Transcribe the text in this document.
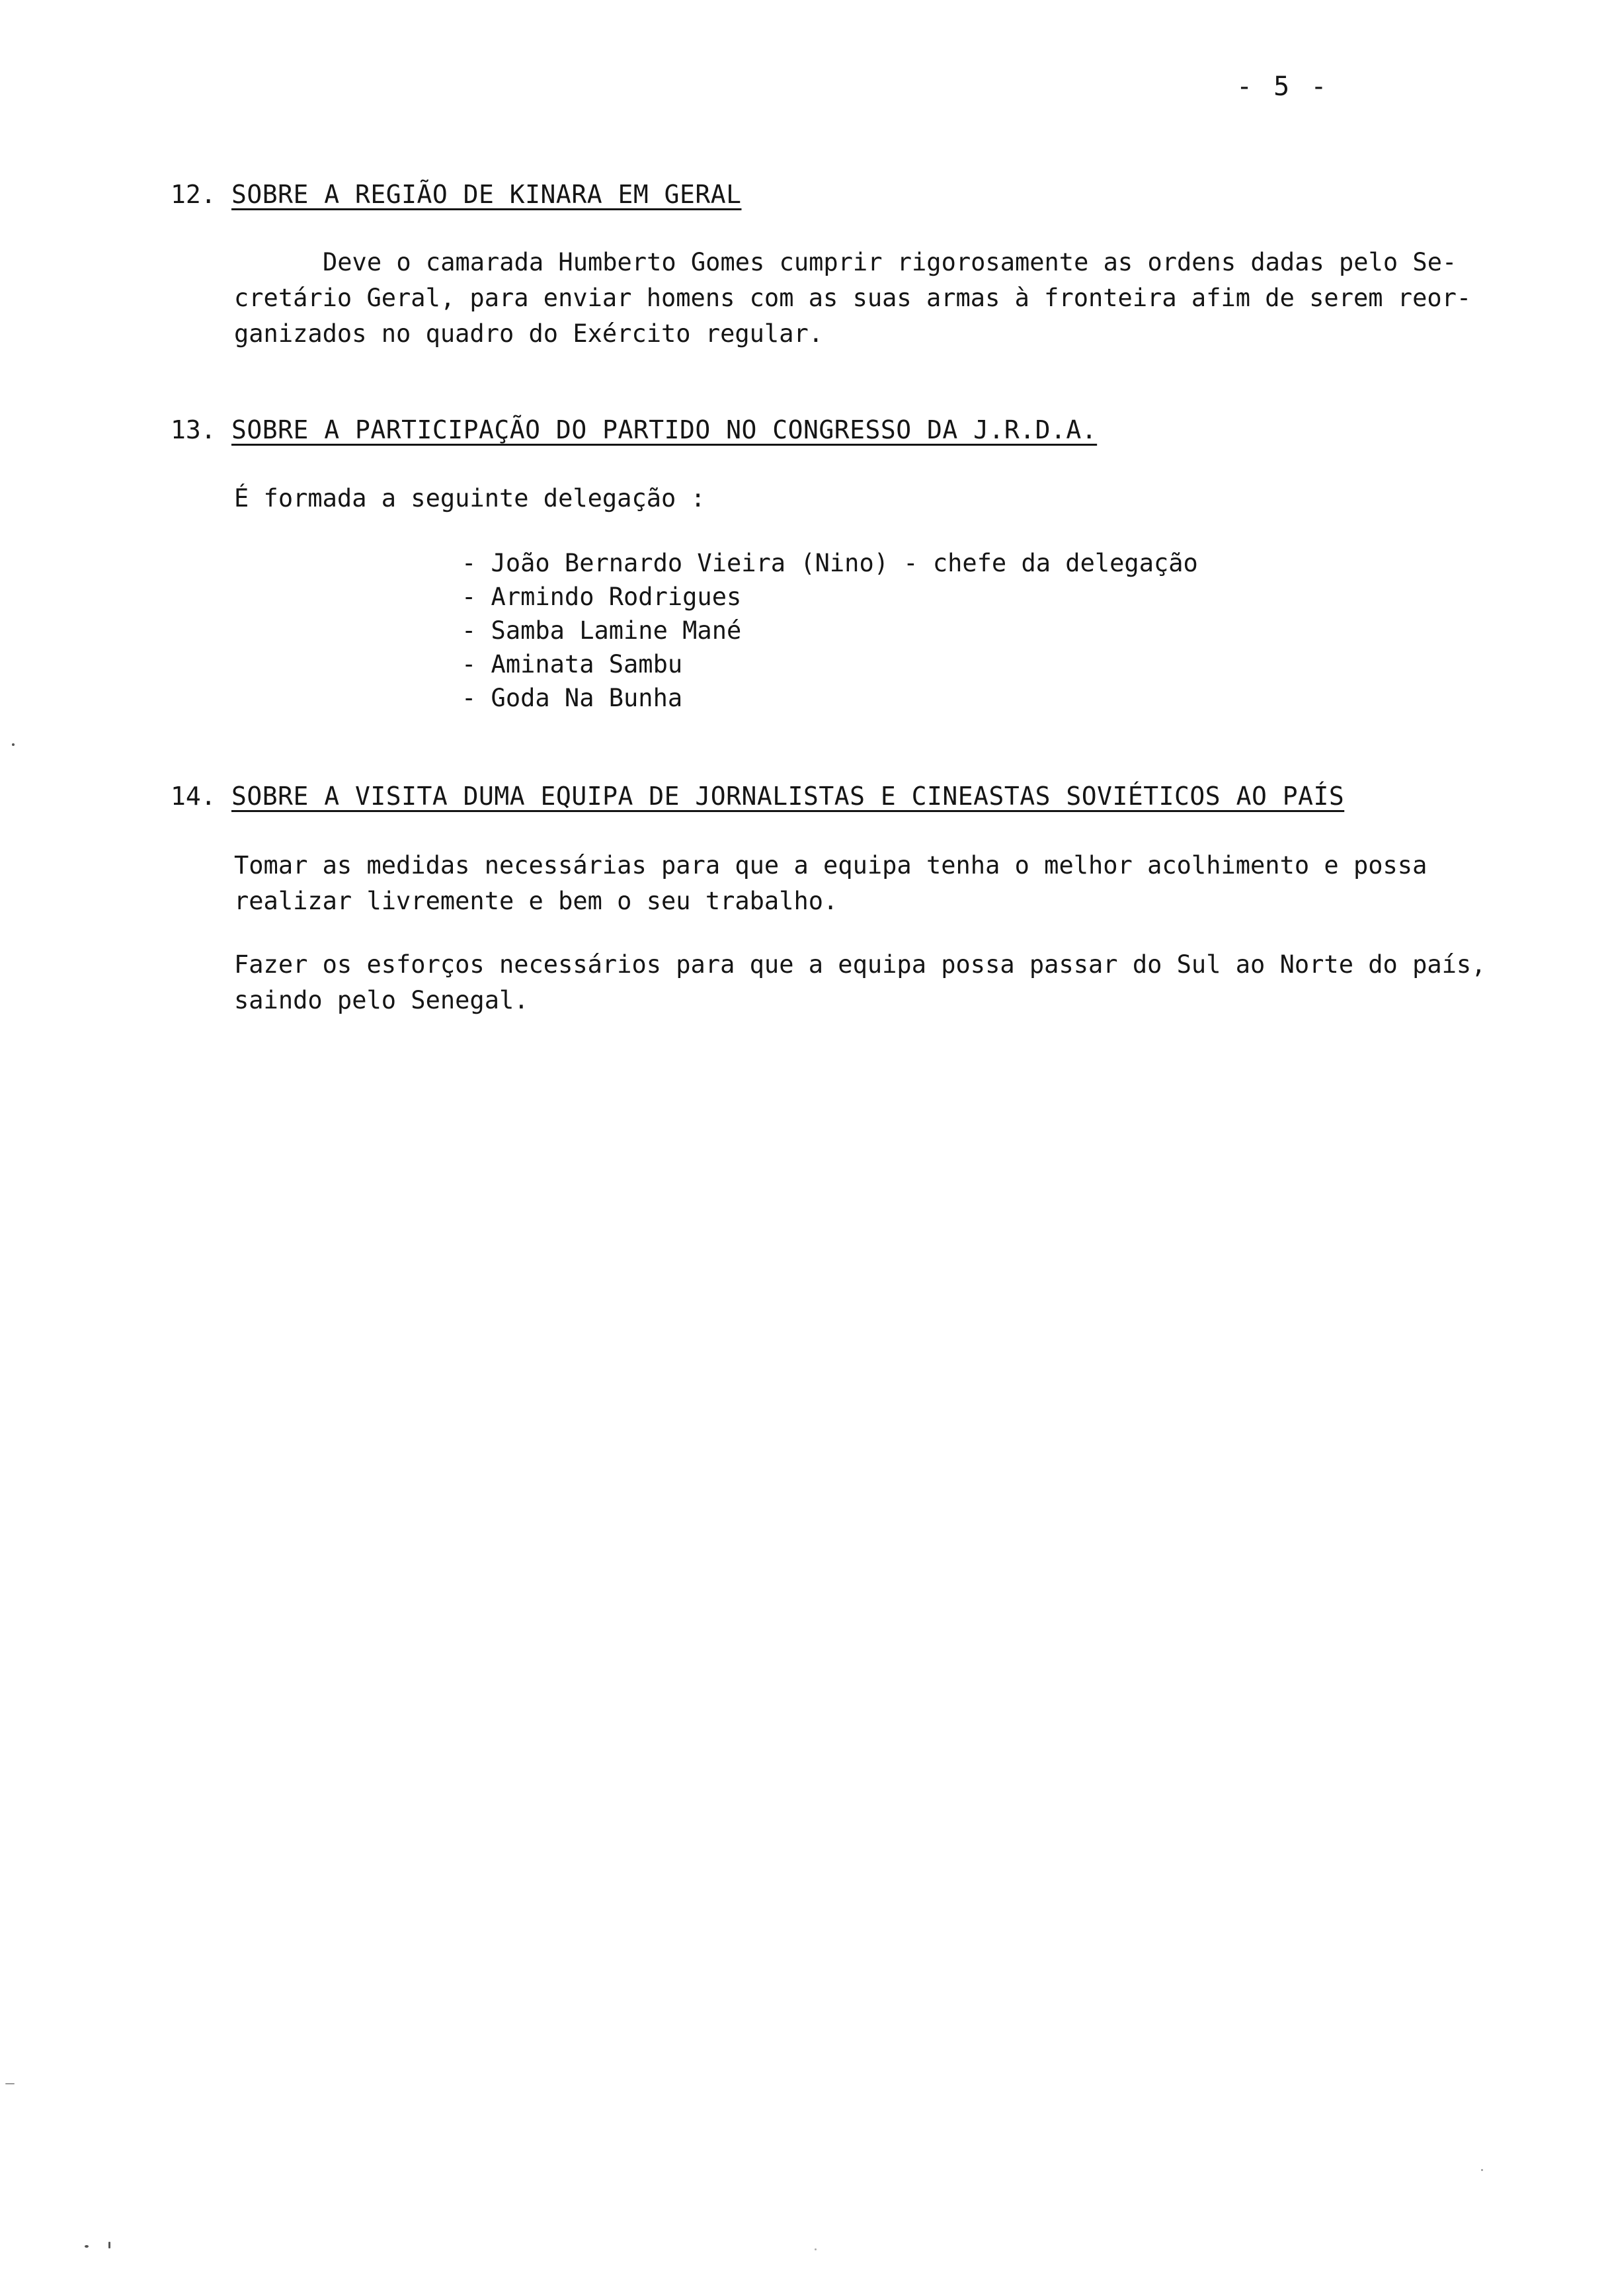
- 5 -
12. SOBRE A REGIÃO DE KINARA EM GERAL

Deve o camarada Humberto Gomes cumprir rigorosamente as ordens dadas pelo Se-
cretário Geral, para enviar homens com as suas armas à fronteira afim de serem reor-
ganizados no quadro do Exército regular.

13. SOBRE A PARTICIPAÇÃO DO PARTIDO NO CONGRESSO DA J.R.D.A.

É formada a seguinte delegação :

- João Bernardo Vieira (Nino) - chefe da delegação
- Armindo Rodrigues
- Samba Lamine Mané
- Aminata Sambu
- Goda Na Bunha
14. SOBRE A VISITA DUMA EQUIPA DE JORNALISTAS E CINEASTAS SOVIÉTICOS AO PAÍS

Tomar as medidas necessárias para que a equipa tenha o melhor acolhimento e possa
realizar livremente e bem o seu trabalho.

Fazer os esforços necessários para que a equipa possa passar do Sul ao Norte do país,
saindo pelo Senegal.
